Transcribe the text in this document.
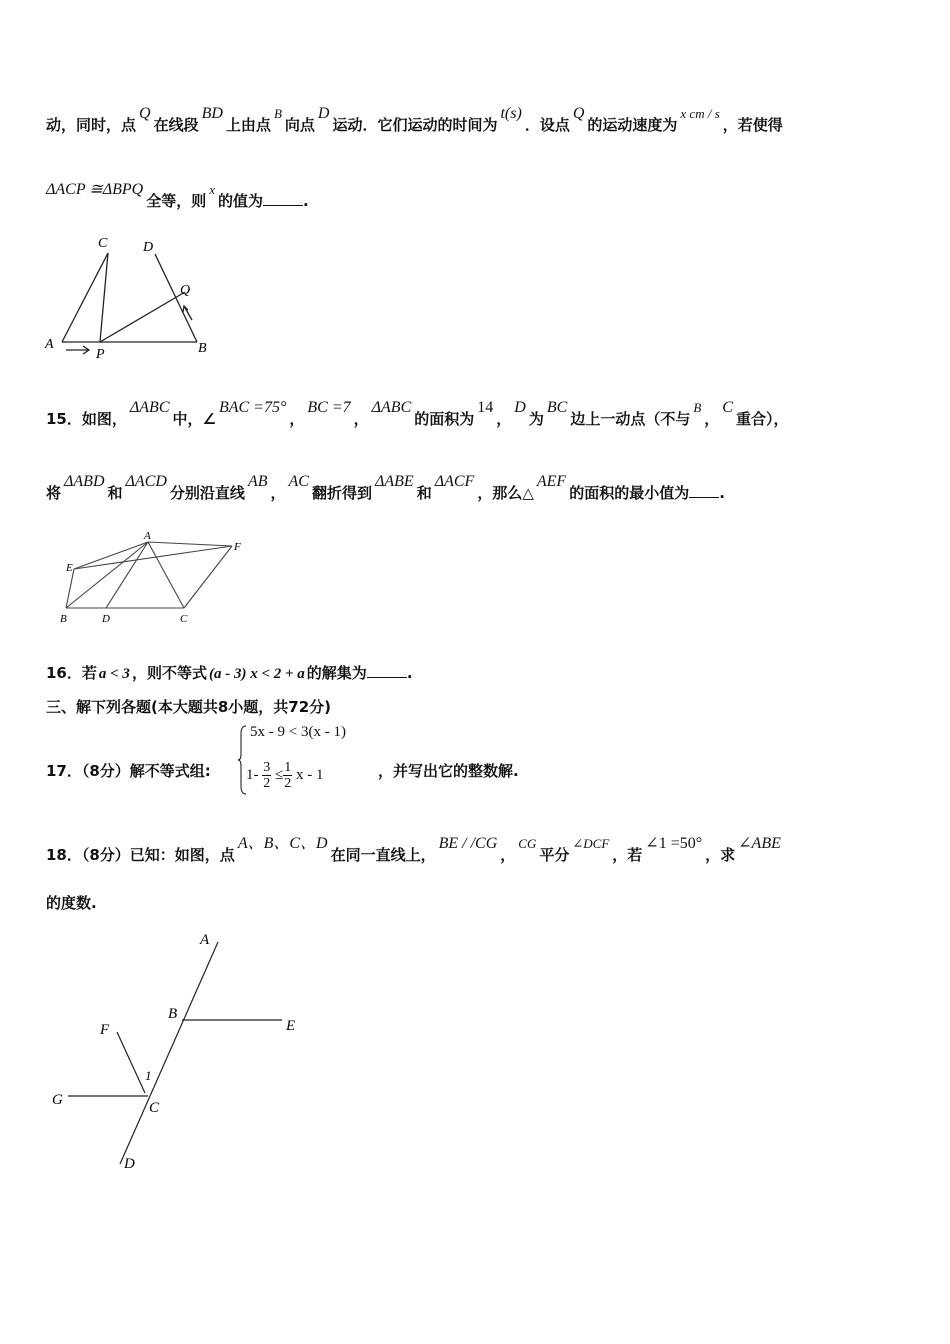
动，同时，点Q在线段BD上由点B向点D运动．它们运动的时间为t(s)．设点Q的运动速度为x cm / s，若使得
ΔACP ≅ΔBPQ全等，则x的值为	.
A
C	D
Q
P	B
15．如图，ΔABC中，∠BAC =75°，BC =7，ΔABC的面积为14，D为BC边上一动点（不与B，C重合），
将ΔABD和ΔACD分别沿直线AB，AC翻折得到ΔABE和ΔACF，那么△AEF的面积的最小值为 .
A
E
F
B	D	C
16．若 a < 3 ，则不等式 (a - 3) x < 2 + a 的解集为	.
三、解下列各题(本大题共8小题，共72分)
17．（8分）解不等式组:
5x - 9 < 3(x - 1)
$1- \frac{3}{2} \le \frac{1}{2}$ x - 1	，并写出它的整数解.
18．（8分）已知：如图，点A、B、C、D在同一直线上，BE / /CG，CG平分∠DCF，若∠1 =50°，求∠ABE
的度数.
A
B
E
F
1
G	C
D
